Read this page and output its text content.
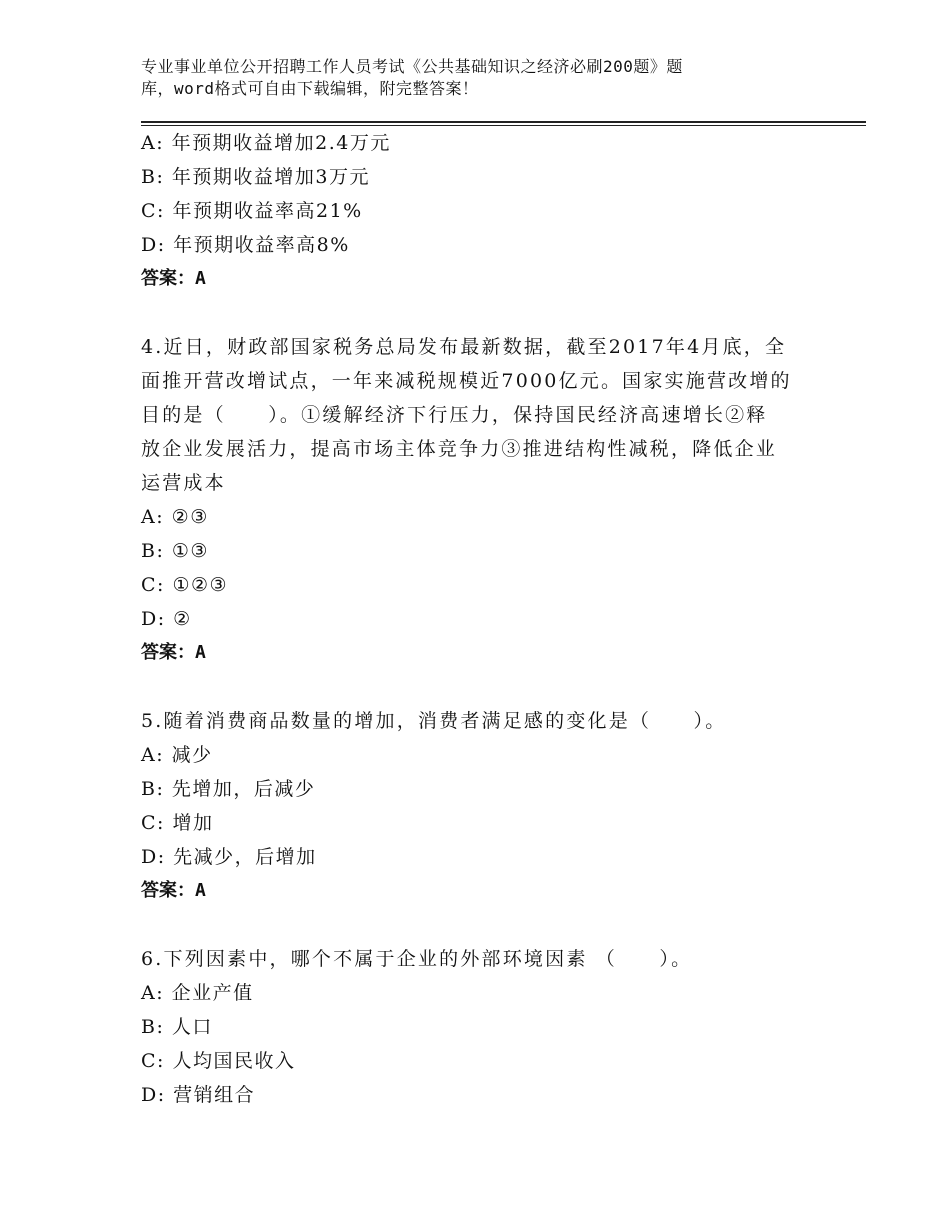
专业事业单位公开招聘工作人员考试《公共基础知识之经济必刷200题》题
库，word格式可自由下载编辑，附完整答案！
A: 年预期收益增加2.4万元
B: 年预期收益增加3万元
C: 年预期收益率高21%
D: 年预期收益率高8%
答案：A
4.近日，财政部国家税务总局发布最新数据，截至2017年4月底，全
面推开营改增试点，一年来减税规模近7000亿元。国家实施营改增的
目的是（　　）。①缓解经济下行压力，保持国民经济高速增长②释
放企业发展活力，提高市场主体竞争力③推进结构性减税，降低企业
运营成本
A: ②③
B: ①③
C: ①②③
D: ②
答案：A
5.随着消费商品数量的增加，消费者满足感的变化是（　　）。
A: 减少
B: 先增加，后减少
C: 增加
D: 先减少，后增加
答案：A
6.下列因素中，哪个不属于企业的外部环境因素 （　　）。
A: 企业产值
B: 人口
C: 人均国民收入
D: 营销组合
